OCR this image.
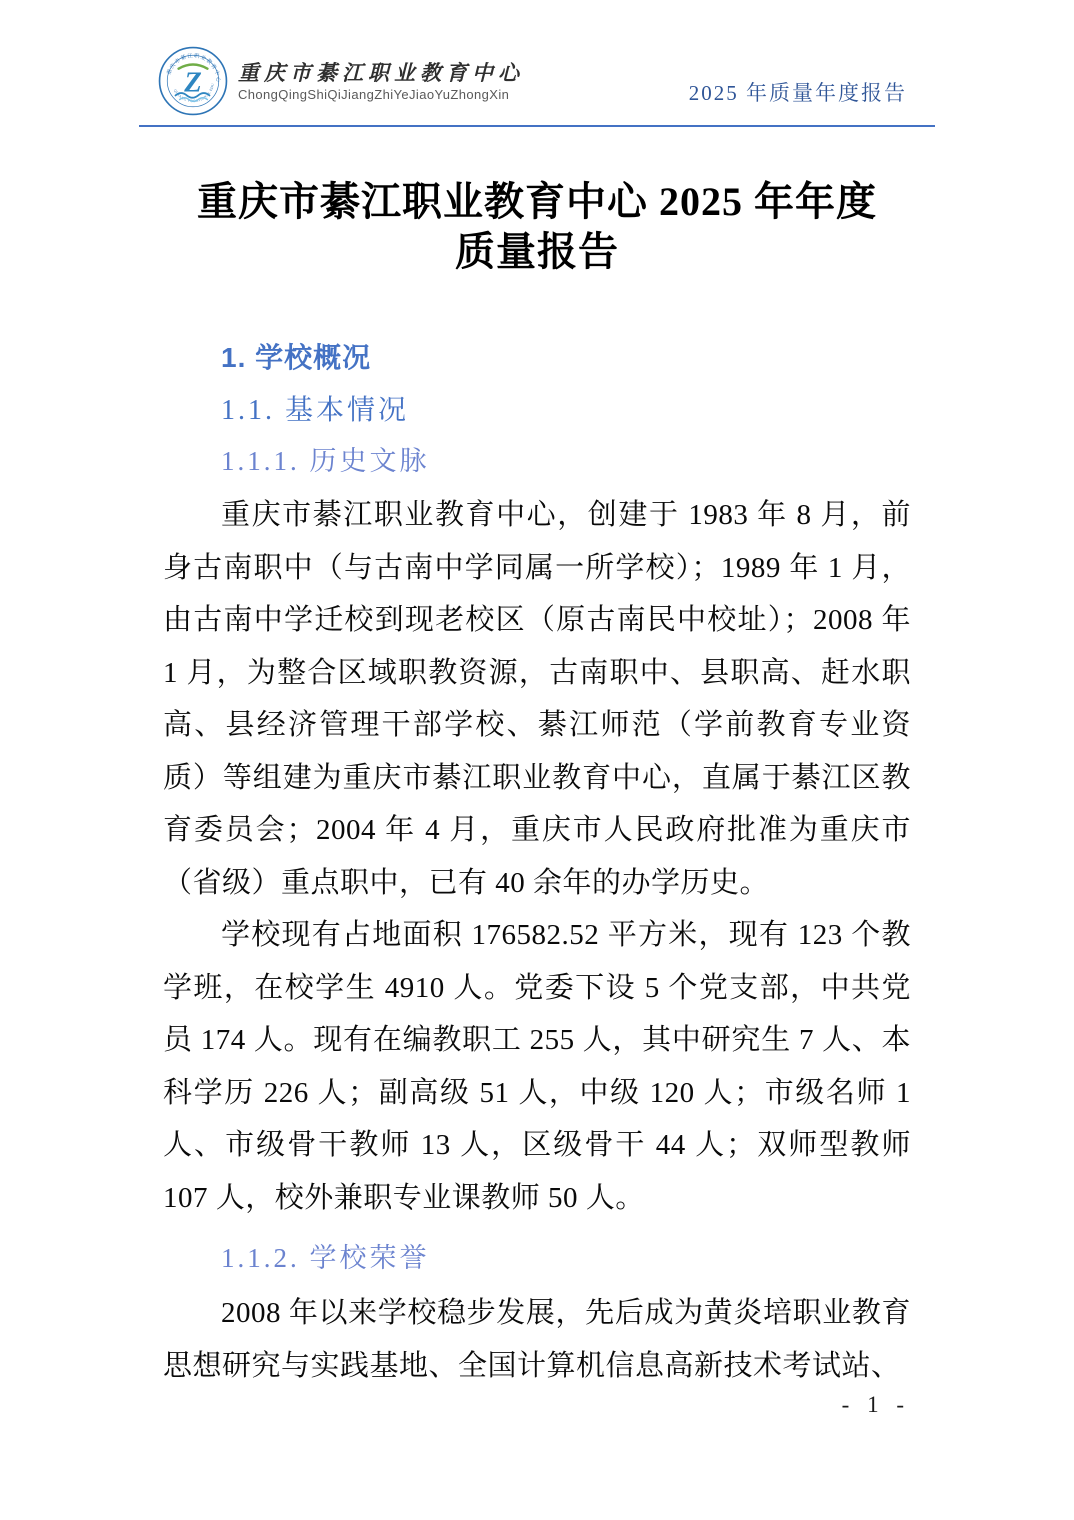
重庆市綦江职业教育中心
QIJIANG VOCATIONAL EDU
Z 重庆市綦江职业教育中心
ChongQingShiQiJiangZhiYeJiaoYuZhongXin	2025 年质量年度报告
重庆市綦江职业教育中心 2025 年年度
质量报告
1. 学校概况
1.1. 基本情况
1.1.1. 历史文脉
重庆市綦江职业教育中心，创建于 1983 年 8 月，前身古南职中（与古南中学同属一所学校）；1989 年 1 月，由古南中学迁校到现老校区（原古南民中校址）；2008 年 1 月，为整合区域职教资源，古南职中、县职高、赶水职高、县经济管理干部学校、綦江师范（学前教育专业资质）等组建为重庆市綦江职业教育中心，直属于綦江区教育委员会；2004 年 4 月，重庆市人民政府批准为重庆市（省级）重点职中，已有 40 余年的办学历史。
学校现有占地面积 176582.52 平方米，现有 123 个教学班，在校学生 4910 人。党委下设 5 个党支部，中共党员 174 人。现有在编教职工 255 人，其中研究生 7 人、本科学历 226 人；副高级 51 人，中级 120 人；市级名师 1 人、市级骨干教师 13 人，区级骨干 44 人；双师型教师 107 人，校外兼职专业课教师 50 人。
1.1.2. 学校荣誉
2008 年以来学校稳步发展，先后成为黄炎培职业教育思想研究与实践基地、全国计算机信息高新技术考试站、
- 1 -
